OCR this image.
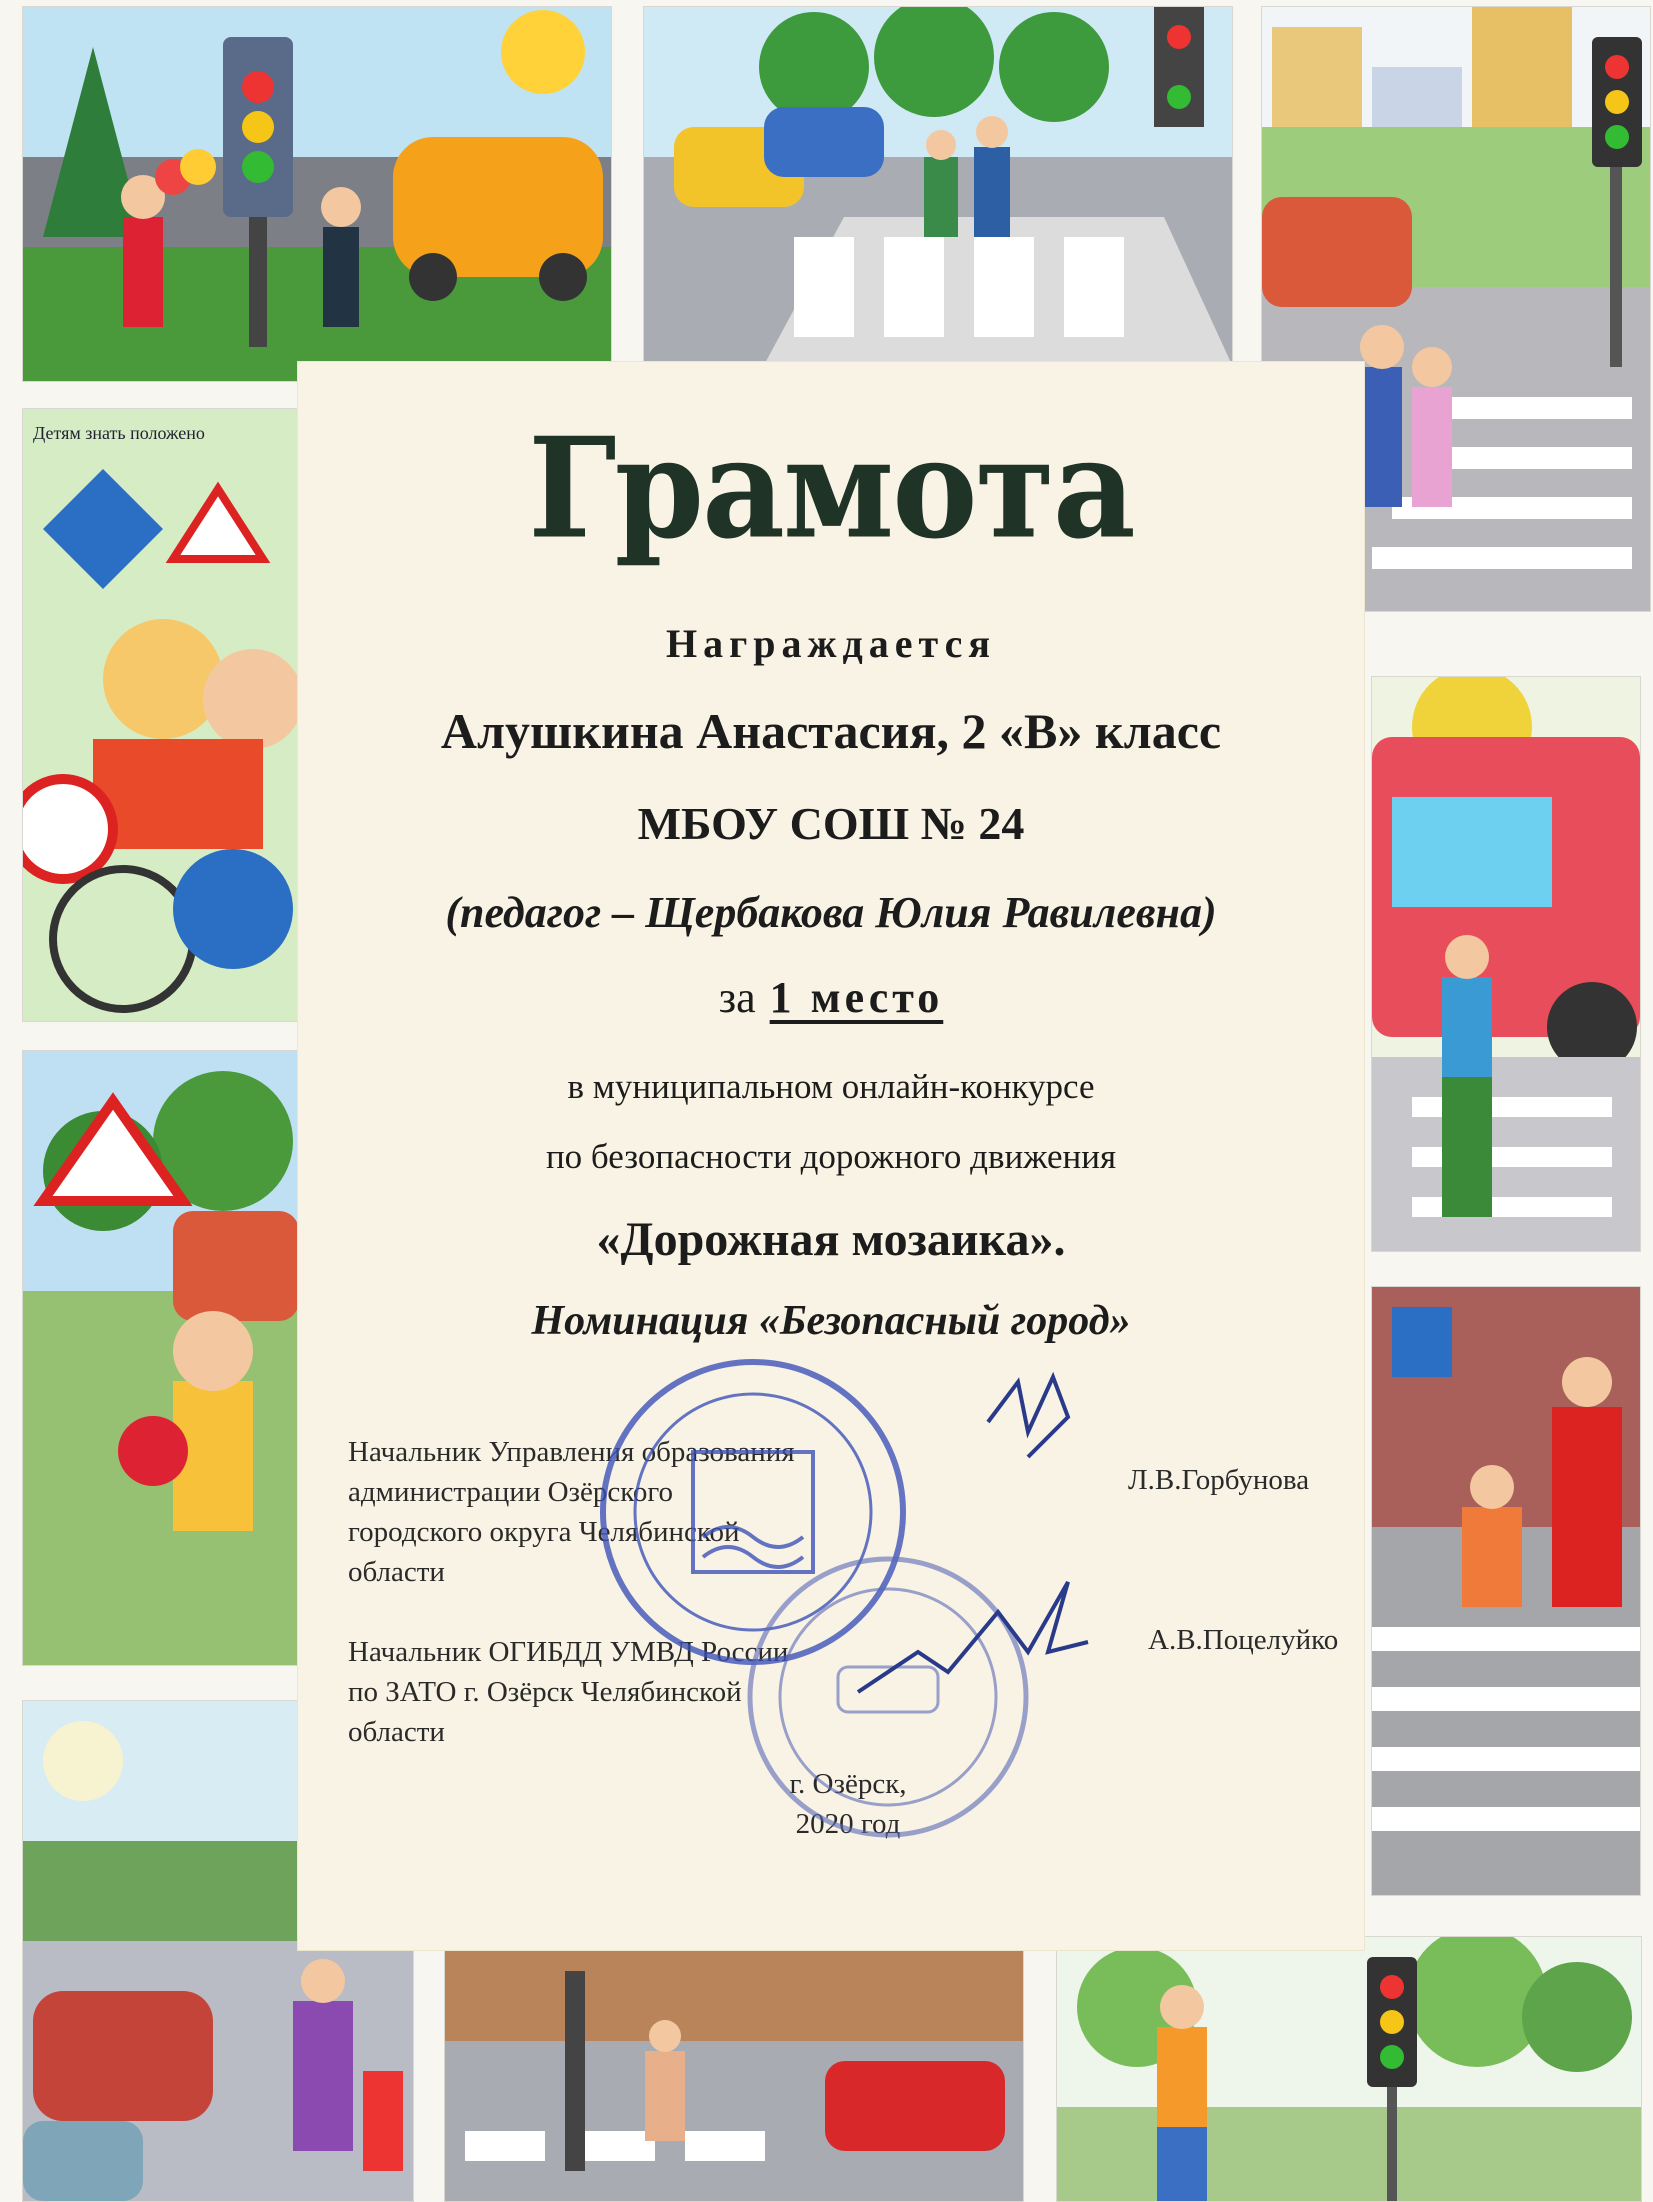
Детям знать положено	Грамота
Награждается
Алушкина Анастасия, 2 «В» класс
МБОУ СОШ № 24
(педагог – Щербакова Юлия Равилевна)
за 1 место
в муниципальном онлайн-конкурсе
по безопасности дорожного движения
«Дорожная мозаика».
Номинация «Безопасный город»
Начальник Управления образования
администрации Озёрского
городского округа Челябинской
области
Л.В.Горбунова
Начальник ОГИБДД УМВД России
по ЗАТО г. Озёрск Челябинской
области
А.В.Поцелуйко
г. Озёрск,
2020 год
